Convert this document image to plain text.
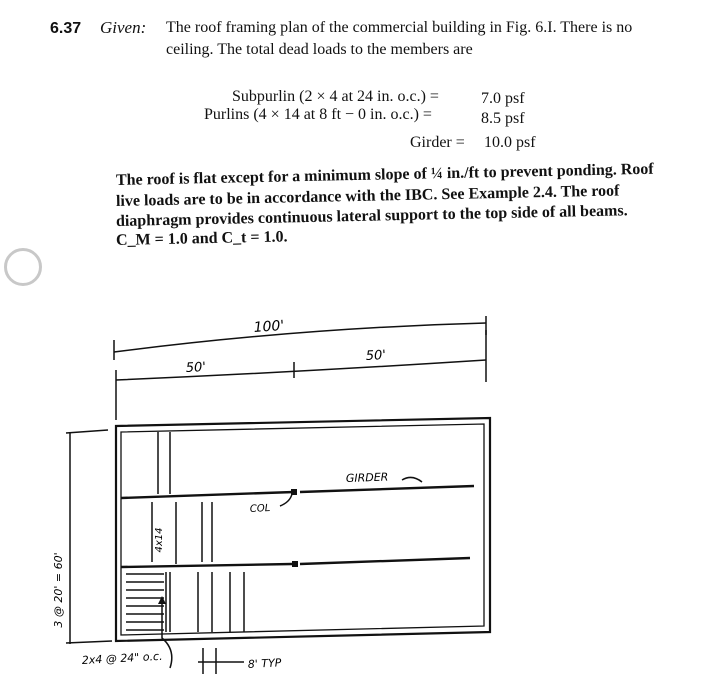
6.37 Given: The roof framing plan of the commercial building in Fig. 6.I. There is no
ceiling. The total dead loads to the members are
Subpurlin (2 × 4 at 24 in. o.c.) =	7.0 psf
Purlins (4 × 14 at 8 ft − 0 in. o.c.) =	8.5 psf
Girder = 10.0 psf
The roof is flat except for a minimum slope of ¼ in./ft to prevent ponding. Roof
live loads are to be in accordance with the IBC. See Example 2.4. The roof
diaphragm provides continuous lateral support to the top side of all beams.
C_M = 1.0 and C_t = 1.0.
100'
50'
50'
3 @ 20' = 60'
GIRDER
COL
4x14
2x4 @ 24" o.c.	8' TYP
